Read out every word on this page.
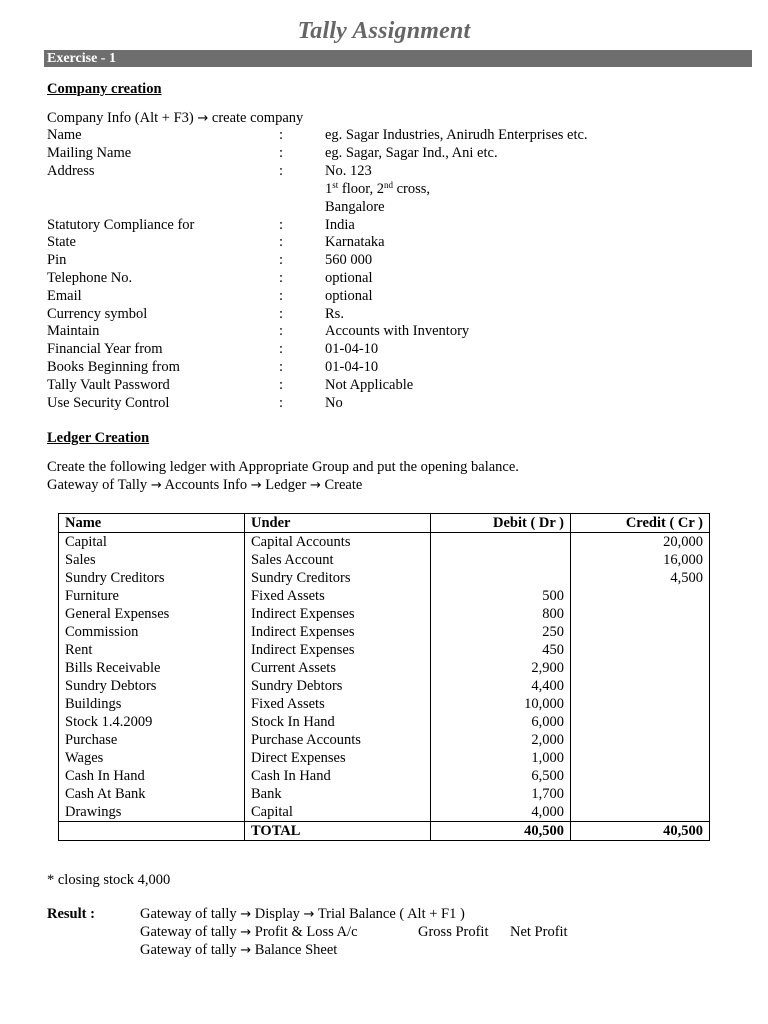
Tally Assignment
Exercise - 1
Company creation
Company Info (Alt + F3) → create company
Name	:	eg. Sagar Industries, Anirudh Enterprises etc.
Mailing Name	:	eg. Sagar, Sagar Ind., Ani etc.
Address	:	No. 123
1st floor, 2nd cross,
Bangalore
Statutory Compliance for	:	India
State	:	Karnataka
Pin	:	560 000
Telephone No.	:	optional
Email	:	optional
Currency symbol	:	Rs.
Maintain	:	Accounts with Inventory
Financial Year from	:	01-04-10
Books Beginning from	:	01-04-10
Tally Vault Password	:	Not Applicable
Use Security Control	:	No
Ledger Creation
Create the following ledger with Appropriate Group and put the opening balance.
Gateway of Tally → Accounts Info → Ledger → Create
Name	Under	Debit ( Dr )	Credit ( Cr )
Capital	Capital Accounts		20,000
Sales	Sales Account		16,000
Sundry Creditors	Sundry Creditors		4,500
Furniture	Fixed Assets	500	
General Expenses	Indirect Expenses	800	
Commission	Indirect Expenses	250	
Rent	Indirect Expenses	450	
Bills Receivable	Current Assets	2,900	
Sundry Debtors	Sundry Debtors	4,400	
Buildings	Fixed Assets	10,000	
Stock 1.4.2009	Stock In Hand	6,000	
Purchase	Purchase Accounts	2,000	
Wages	Direct Expenses	1,000	
Cash In Hand	Cash In Hand	6,500	
Cash At Bank	Bank	1,700	
Drawings	Capital	4,000	
	TOTAL	40,500	40,500
* closing stock 4,000
Result :	Gateway of tally → Display → Trial Balance ( Alt + F1 )
Gateway of tally → Profit & Loss A/c	Gross Profit Net Profit
Gateway of tally → Balance Sheet
